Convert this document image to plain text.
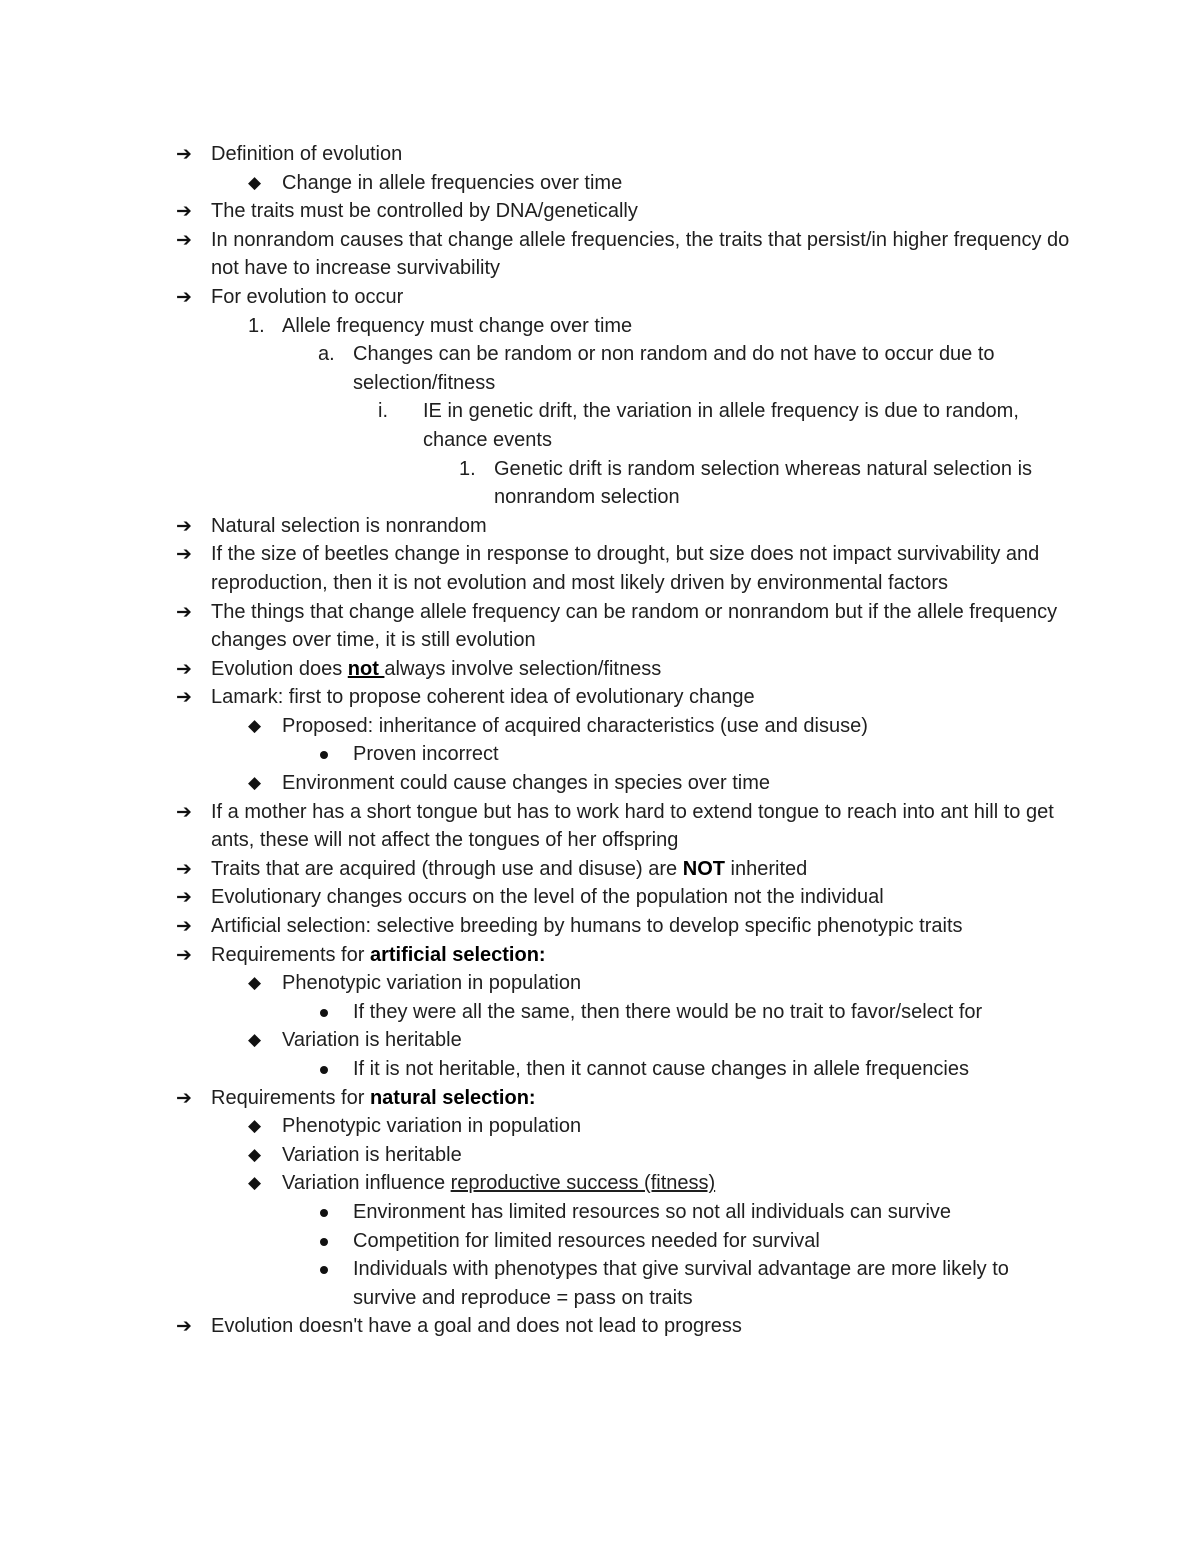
➔ Definition of evolution
◆ Change in allele frequencies over time
➔ The traits must be controlled by DNA/genetically
➔ In nonrandom causes that change allele frequencies, the traits that persist/in higher frequency do not have to increase survivability
➔ For evolution to occur
1. Allele frequency must change over time
a. Changes can be random or non random and do not have to occur due to selection/fitness
i. IE in genetic drift, the variation in allele frequency is due to random, chance events
1. Genetic drift is random selection whereas natural selection is nonrandom selection
➔ Natural selection is nonrandom
➔ If the size of beetles change in response to drought, but size does not impact survivability and reproduction, then it is not evolution and most likely driven by environmental factors
➔ The things that change allele frequency can be random or nonrandom but if the allele frequency changes over time, it is still evolution
➔ Evolution does not always involve selection/fitness
➔ Lamark: first to propose coherent idea of evolutionary change
◆ Proposed: inheritance of acquired characteristics (use and disuse)
Proven incorrect
◆ Environment could cause changes in species over time
➔ If a mother has a short tongue but has to work hard to extend tongue to reach into ant hill to get ants, these will not affect the tongues of her offspring
➔ Traits that are acquired (through use and disuse) are NOT inherited
➔ Evolutionary changes occurs on the level of the population not the individual
➔ Artificial selection: selective breeding by humans to develop specific phenotypic traits
➔ Requirements for artificial selection:
◆ Phenotypic variation in population
If they were all the same, then there would be no trait to favor/select for
◆ Variation is heritable
If it is not heritable, then it cannot cause changes in allele frequencies
➔ Requirements for natural selection:
◆ Phenotypic variation in population
◆ Variation is heritable
◆ Variation influence reproductive success (fitness)
Environment has limited resources so not all individuals can survive
Competition for limited resources needed for survival
Individuals with phenotypes that give survival advantage are more likely to survive and reproduce = pass on traits
➔ Evolution doesn't have a goal and does not lead to progress
